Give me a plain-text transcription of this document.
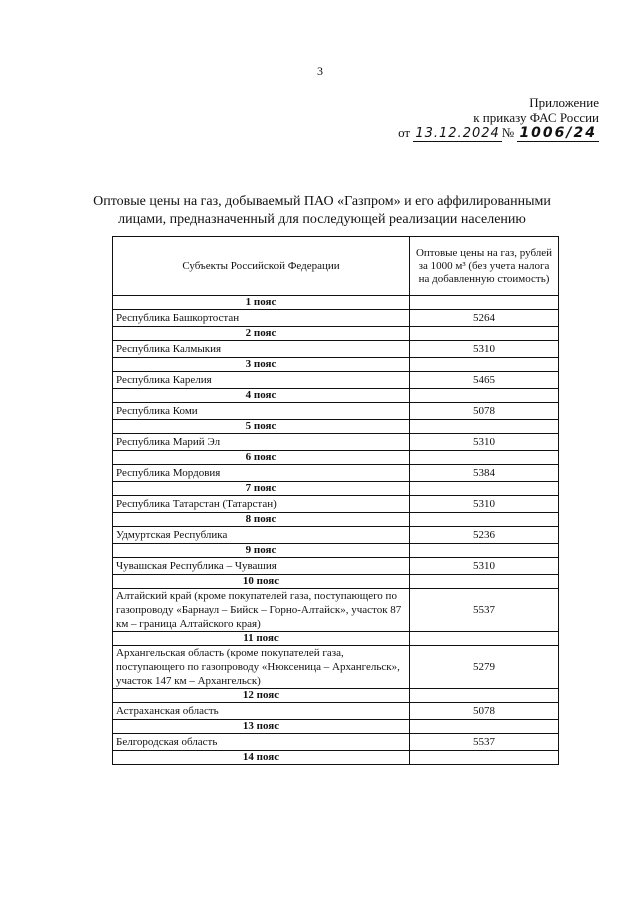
3
Приложение
к приказу ФАС России
от 13.12.2024 № 1006/24
Оптовые цены на газ, добываемый ПАО «Газпром» и его аффилированными лицами, предназначенный для последующей реализации населению
Субъекты Российской Федерации	Оптовые цены на газ, рублей за 1000 м³ (без учета налога на добавленную стоимость)
1 пояс	
Республика Башкортостан	5264
2 пояс	
Республика Калмыкия	5310
3 пояс	
Республика Карелия	5465
4 пояс	
Республика Коми	5078
5 пояс	
Республика Марий Эл	5310
6 пояс	
Республика Мордовия	5384
7 пояс	
Республика Татарстан (Татарстан)	5310
8 пояс	
Удмуртская Республика	5236
9 пояс	
Чувашская Республика – Чувашия	5310
10 пояс	
Алтайский край (кроме покупателей газа, поступающего по газопроводу «Барнаул – Бийск – Горно-Алтайск», участок 87 км – граница Алтайского края)	5537
11 пояс	
Архангельская область (кроме покупателей газа, поступающего по газопроводу «Нюксеница – Архангельск», участок 147 км – Архангельск)	5279
12 пояс	
Астраханская область	5078
13 пояс	
Белгородская область	5537
14 пояс	
